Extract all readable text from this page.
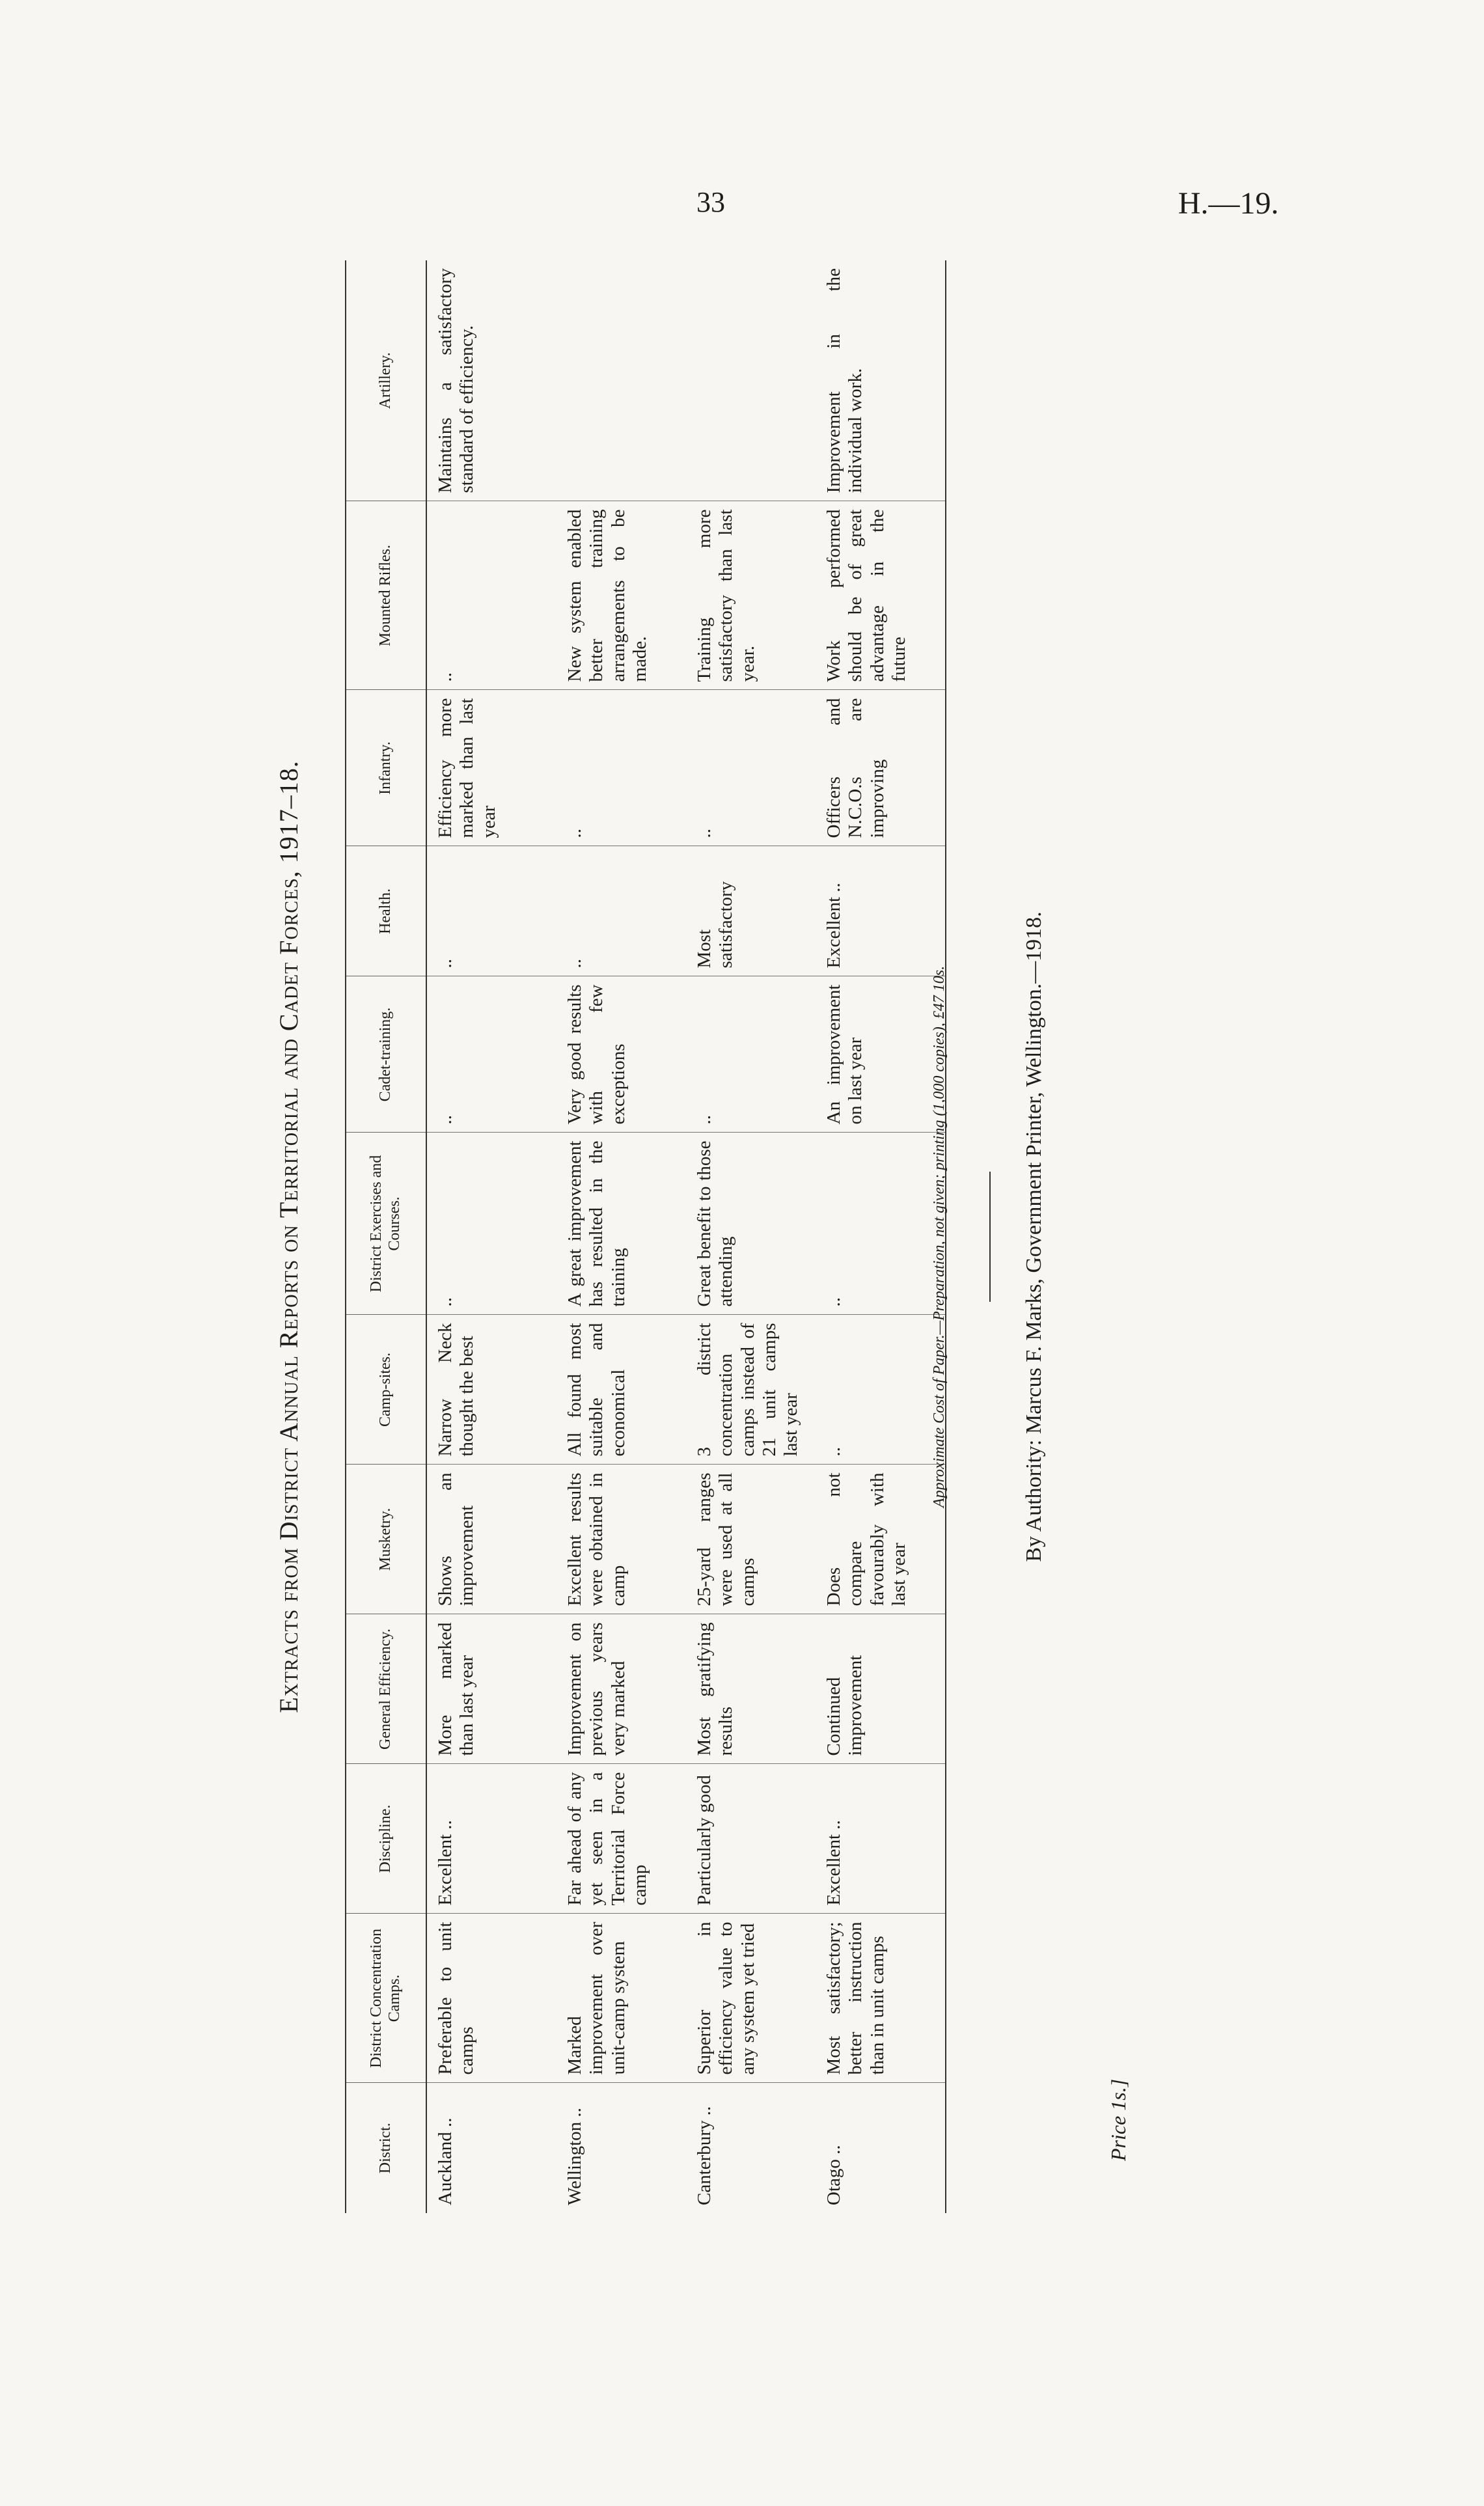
33	H.—19.
Extracts from District Annual Reports on Territorial and Cadet Forces, 1917–18.
District.	District Concentration Camps.	Discipline.	General Efficiency.	Musketry.	Camp-sites.	District Exercises and Courses.	Cadet-training.	Health.	Infantry.	Mounted Rifles.	Artillery.
Auckland ..	Preferable to unit camps	Excellent ..	More marked than last year	Shows an improvement	Narrow Neck thought the best	..	..	..	Efficiency more marked than last year	..	Maintains a satisfactory standard of efficiency.
Wellington ..	Marked improvement over unit-camp system	Far ahead of any yet seen in a Territorial Force camp	Improvement on previous years very marked	Excellent results were obtained in camp	All found most suitable and economical	A great improvement has resulted in the training	Very good results with few exceptions	..	..	New system enabled better training arrangements to be made.	
Canterbury ..	Superior in efficiency value to any system yet tried	Particularly good	Most gratifying results	25-yard ranges were used at all camps	3 district concentration camps instead of 21 unit camps last year	Great benefit to those attending	..	Most satisfactory	..	Training more satisfactory than last year.	
Otago ..	Most satisfactory; better instruction than in unit camps	Excellent ..	Continued improvement	Does not compare favourably with last year	..	..	An improvement on last year	Excellent ..	Officers and N.C.O.s are improving	Work performed should be of great advantage in the future	Improvement in the individual work.
Approximate Cost of Paper.—Preparation, not given; printing (1,000 copies), £47 10s.	By Authority: Marcus F. Marks, Government Printer, Wellington.—1918.
Price 1s.]
